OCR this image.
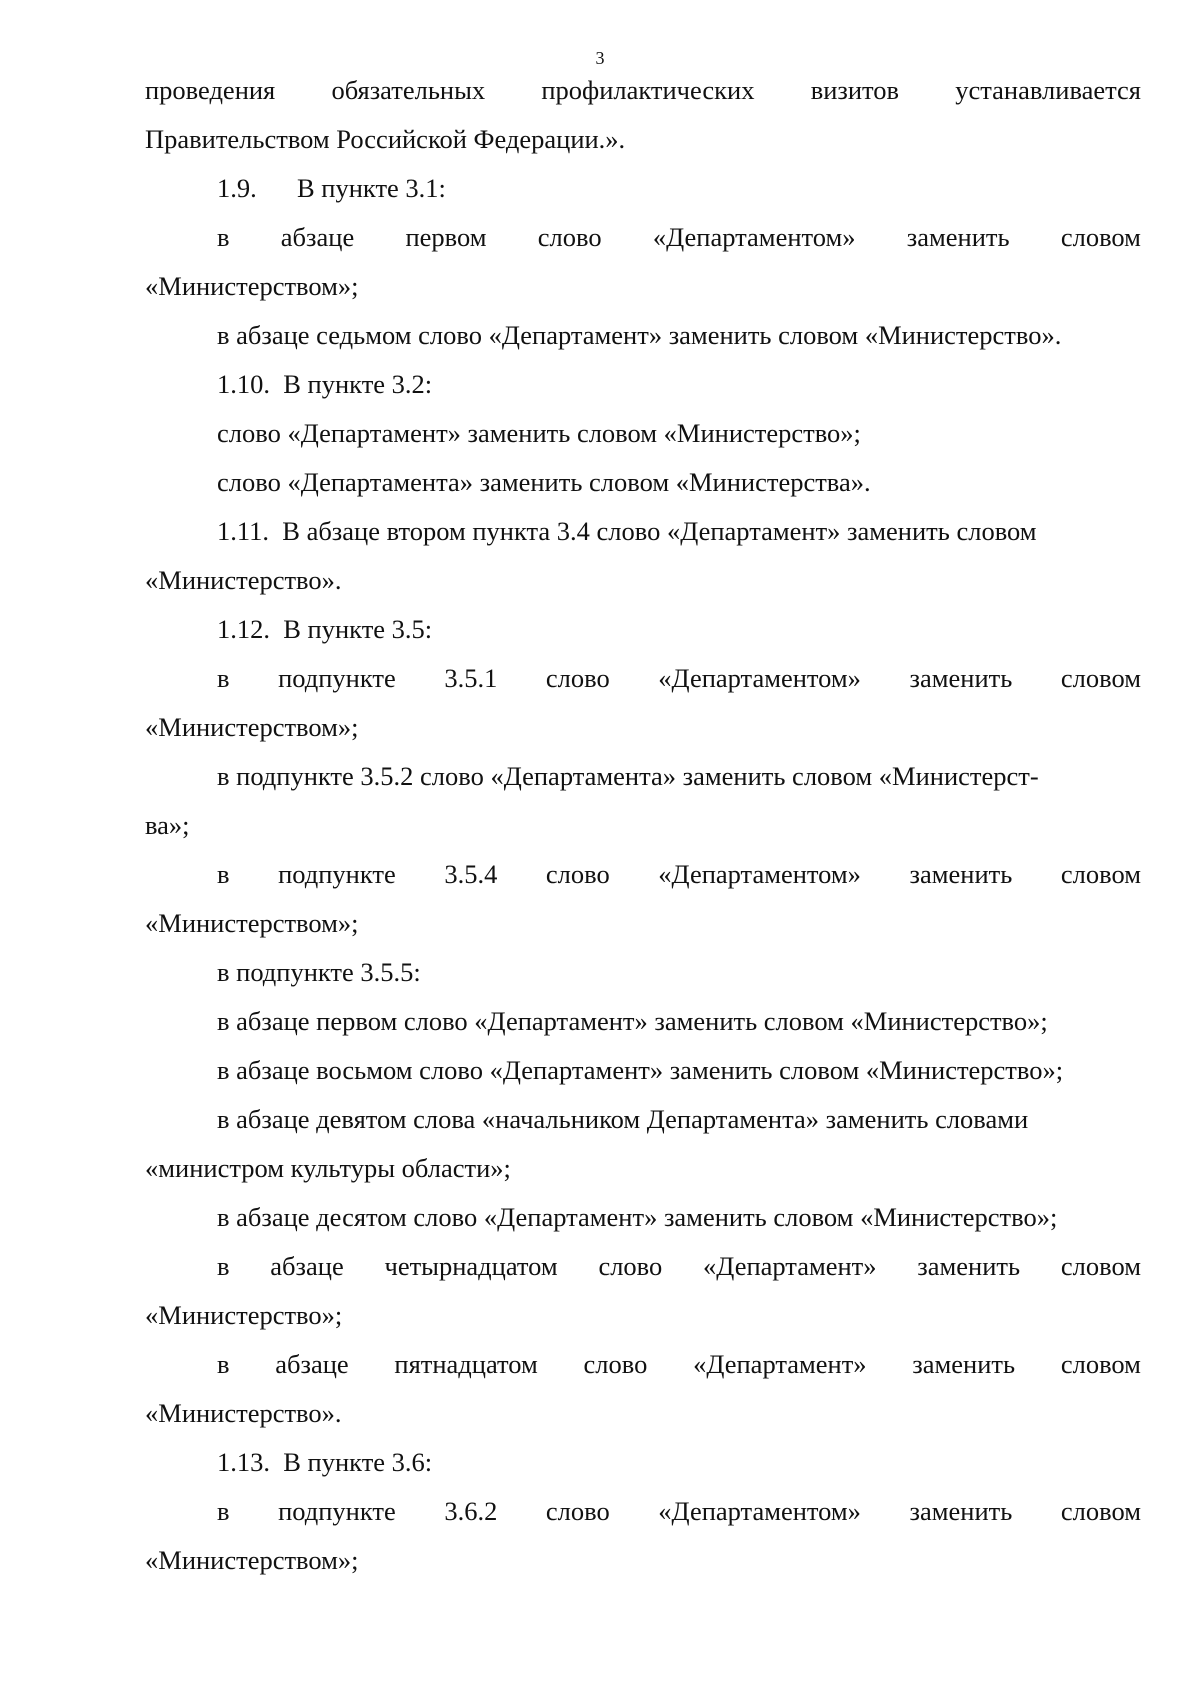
3
проведения обязательных профилактических визитов устанавливается
Правительством Российской Федерации.».
1.9. В пункте 3.1:
в абзаце первом слово «Департаментом» заменить словом
«Министерством»;
в абзаце седьмом слово «Департамент» заменить словом «Министерство».
1.10.  В пункте 3.2:
слово «Департамент» заменить словом «Министерство»;
слово «Департамента» заменить словом «Министерства».
1.11.  В абзаце втором пункта 3.4 слово «Департамент» заменить словом
«Министерство».
1.12.  В пункте 3.5:
в подпункте 3.5.1 слово «Департаментом» заменить словом
«Министерством»;
в подпункте 3.5.2 слово «Департамента» заменить словом «Министерст-
ва»;
в подпункте 3.5.4 слово «Департаментом» заменить словом
«Министерством»;
в подпункте 3.5.5:
в абзаце первом слово «Департамент» заменить словом «Министерство»;
в абзаце восьмом слово «Департамент» заменить словом «Министерство»;
в абзаце девятом слова «начальником Департамента» заменить словами
«министром культуры области»;
в абзаце десятом слово «Департамент» заменить словом «Министерство»;
в абзаце четырнадцатом слово «Департамент» заменить словом
«Министерство»;
в абзаце пятнадцатом слово «Департамент» заменить словом
«Министерство».
1.13.  В пункте 3.6:
в подпункте 3.6.2 слово «Департаментом» заменить словом
«Министерством»;
